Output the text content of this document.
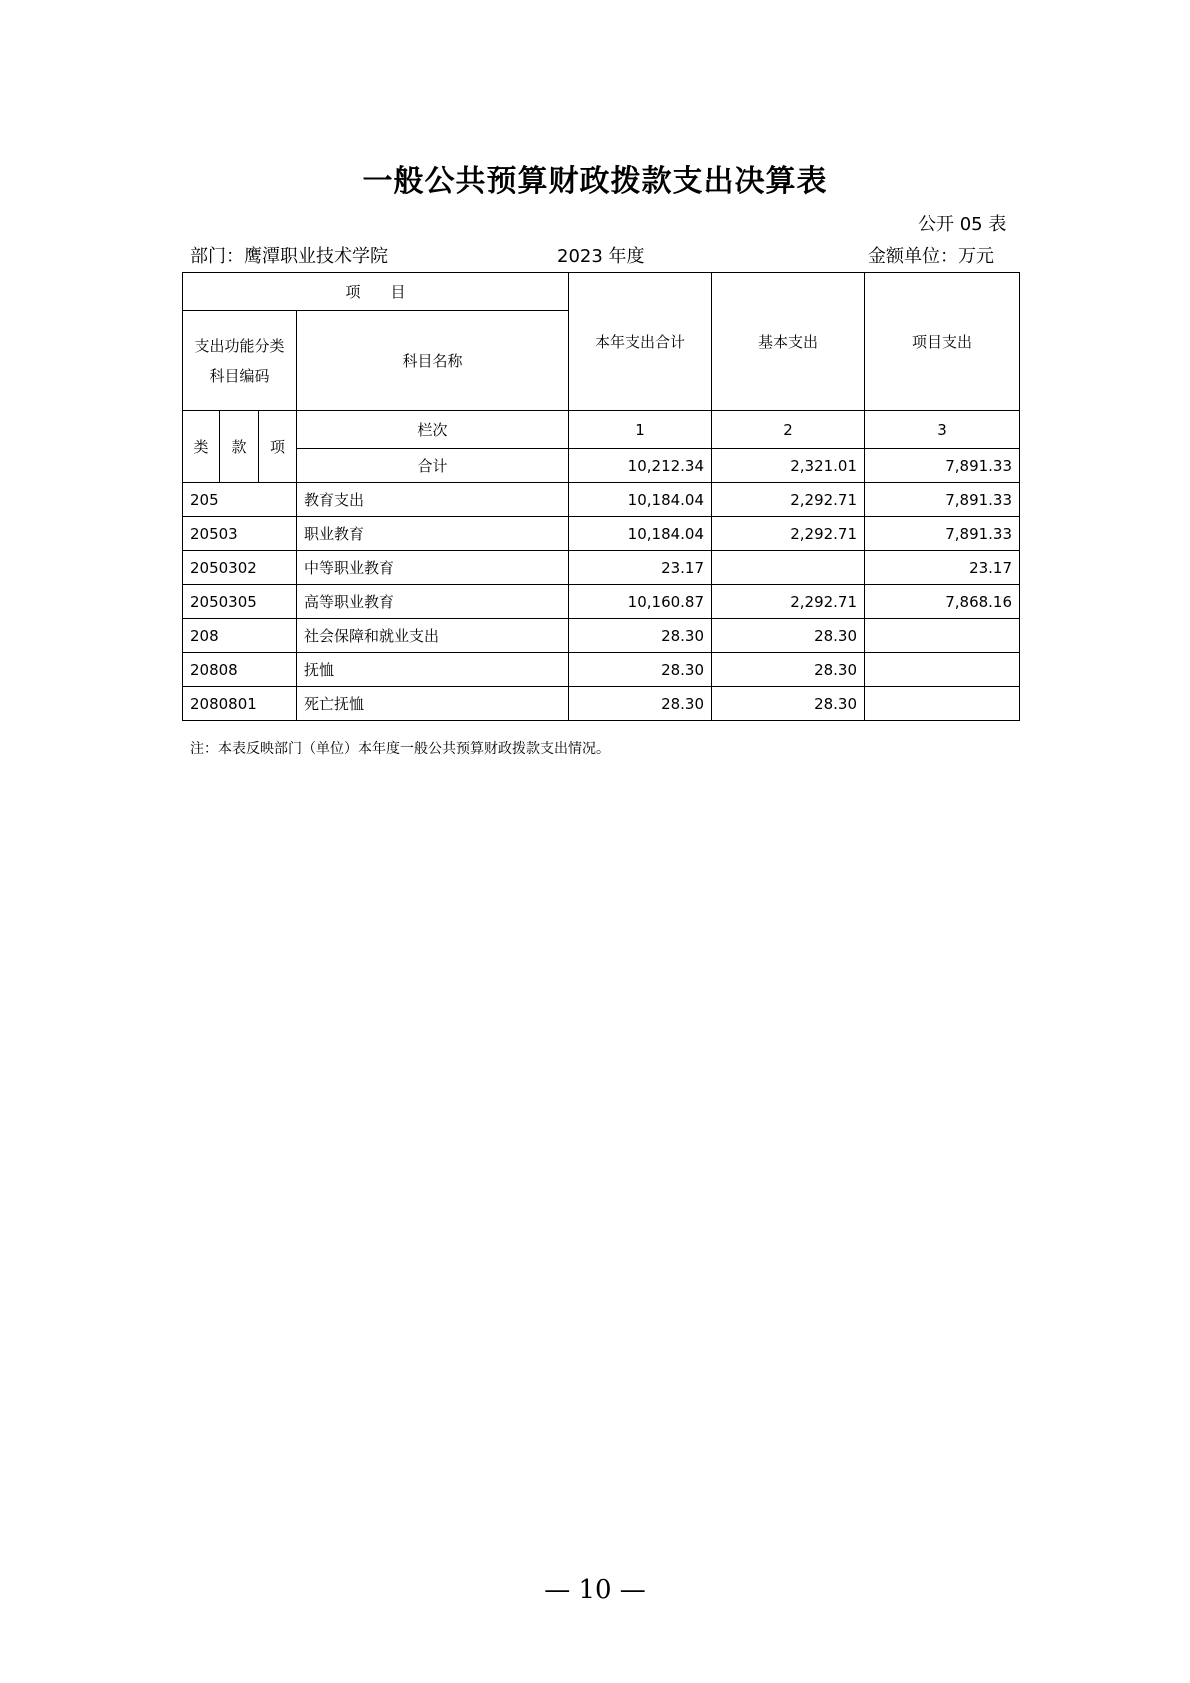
一般公共预算财政拨款支出决算表
公开 05 表
部门：鹰潭职业技术学院	2023 年度	金额单位：万元
项　　目				本年支出合计	基本支出	项目支出
支出功能分类科目编码			科目名称			
类	款	项	栏次	1	2	3
			合计	10,212.34	2,321.01	7,891.33
205			教育支出	10,184.04	2,292.71	7,891.33
20503			职业教育	10,184.04	2,292.71	7,891.33
2050302			中等职业教育	23.17		23.17
2050305			高等职业教育	10,160.87	2,292.71	7,868.16
208			社会保障和就业支出	28.30	28.30	
20808			抚恤	28.30	28.30	
2080801			死亡抚恤	28.30	28.30	
注：本表反映部门（单位）本年度一般公共预算财政拨款支出情况。
— 10 —
